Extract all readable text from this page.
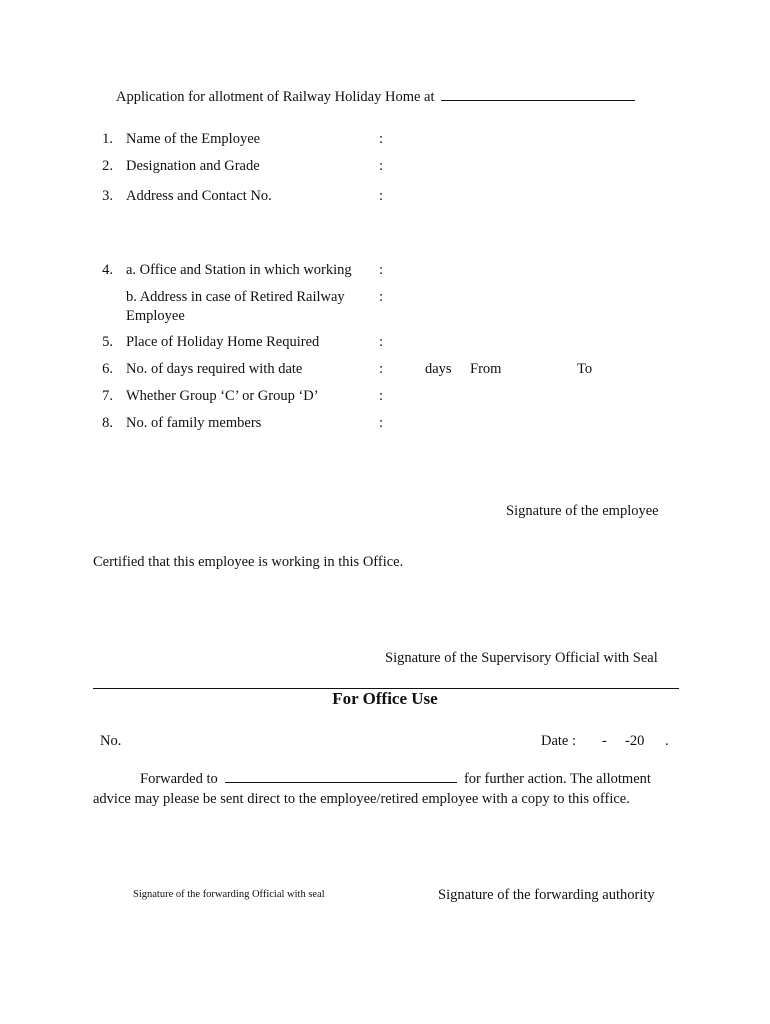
Application for allotment of Railway Holiday Home at
1. Name of the Employee	:
2. Designation and Grade	:
3. Address and Contact No.	:
4. a. Office and Station in which working :
b. Address in case of Retired Railway
Employee
:
5. Place of Holiday Home Required	:
6. No. of days required with date	:	days From	To
7. Whether Group ‘C’ or Group ‘D’	:
8. No. of family members	:
Signature of the employee
Certified that this employee is working in this Office.
Signature of the Supervisory Official with Seal
For Office Use
No.	Date : - -20 .
Forwarded to	for further action. The allotment
advice may please be sent direct to the employee/retired employee with a copy to this office.
Signature of the forwarding Official with seal	Signature of the forwarding authority
